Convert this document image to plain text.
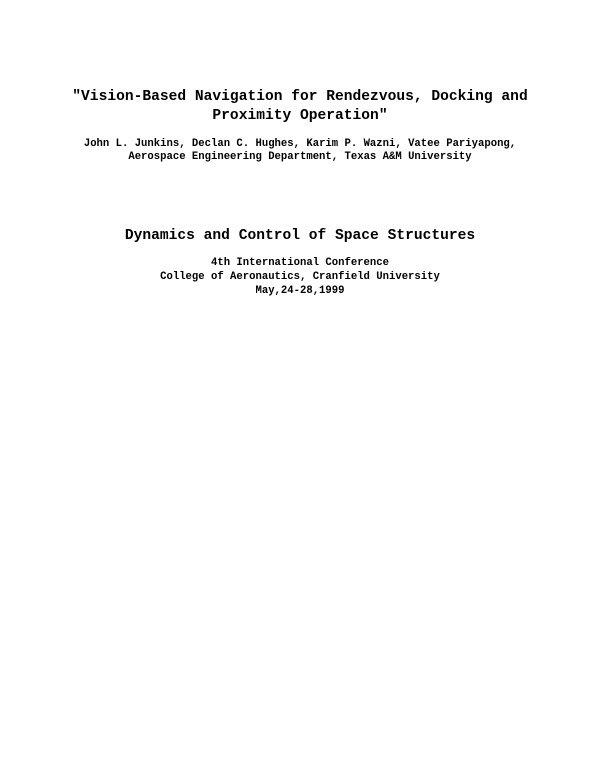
"Vision-Based Navigation for Rendezvous, Docking and
Proximity Operation"
John L. Junkins, Declan C. Hughes, Karim P. Wazni, Vatee Pariyapong,
Aerospace Engineering Department, Texas A&M University
Dynamics and Control of Space Structures
4th International Conference
College of Aeronautics, Cranfield University
May,24-28,1999
